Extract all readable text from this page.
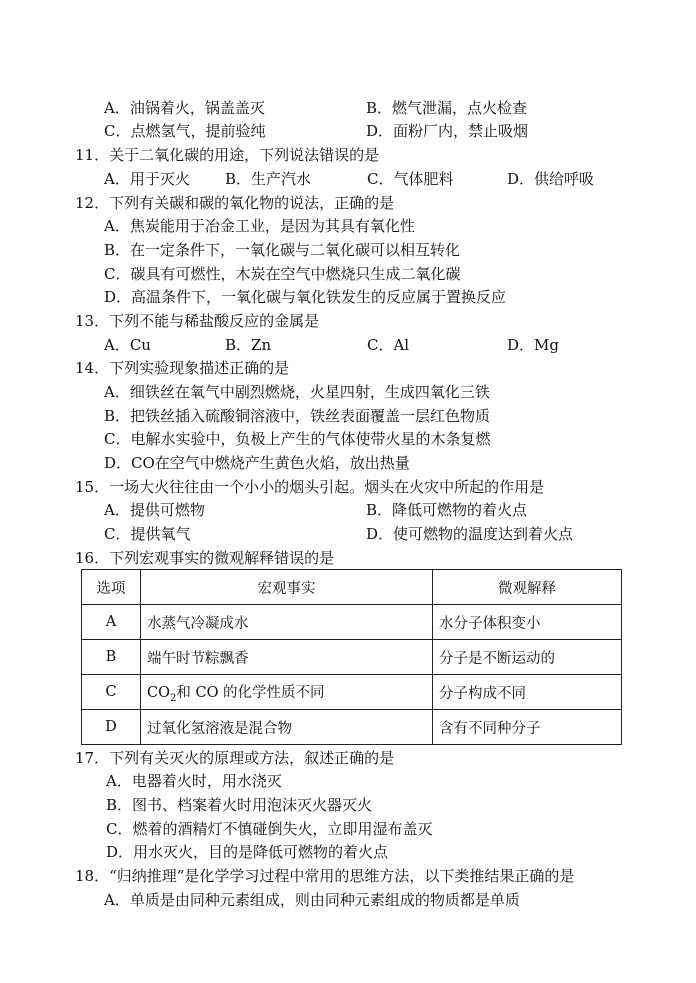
A．油锅着火，锅盖盖灭	B．燃气泄漏，点火检查
C．点燃氢气，提前验纯	D．面粉厂内，禁止吸烟
11．关于二氧化碳的用途，下列说法错误的是
A．用于灭火 B．生产汽水	C．气体肥料	D．供给呼吸
12．下列有关碳和碳的氧化物的说法，正确的是
A．焦炭能用于冶金工业，是因为其具有氧化性
B．在一定条件下，一氧化碳与二氧化碳可以相互转化
C．碳具有可燃性，木炭在空气中燃烧只生成二氧化碳
D．高温条件下，一氧化碳与氧化铁发生的反应属于置换反应
13．下列不能与稀盐酸反应的金属是
A．Cu	B．Zn	C．Al	D．Mg
14．下列实验现象描述正确的是
A．细铁丝在氧气中剧烈燃烧，火星四射，生成四氧化三铁
B．把铁丝插入硫酸铜溶液中，铁丝表面覆盖一层红色物质
C．电解水实验中，负极上产生的气体使带火星的木条复燃
D．CO在空气中燃烧产生黄色火焰，放出热量
15．一场大火往往由一个小小的烟头引起。烟头在火灾中所起的作用是
A．提供可燃物	B．降低可燃物的着火点
C．提供氧气	D．使可燃物的温度达到着火点
16．下列宏观事实的微观解释错误的是
选项	宏观事实	微观解释
A	水蒸气冷凝成水	水分子体积变小
B	端午时节粽飘香	分子是不断运动的
C	$CO_2$和 CO 的化学性质不同	分子构成不同
D	过氧化氢溶液是混合物	含有不同种分子
17．下列有关灭火的原理或方法，叙述正确的是
A．电器着火时，用水浇灭
B．图书、档案着火时用泡沫灭火器灭火
C．燃着的酒精灯不慎碰倒失火，立即用湿布盖灭
D．用水灭火，目的是降低可燃物的着火点
18．“归纳推理”是化学学习过程中常用的思维方法，以下类推结果正确的是
A．单质是由同种元素组成，则由同种元素组成的物质都是单质
